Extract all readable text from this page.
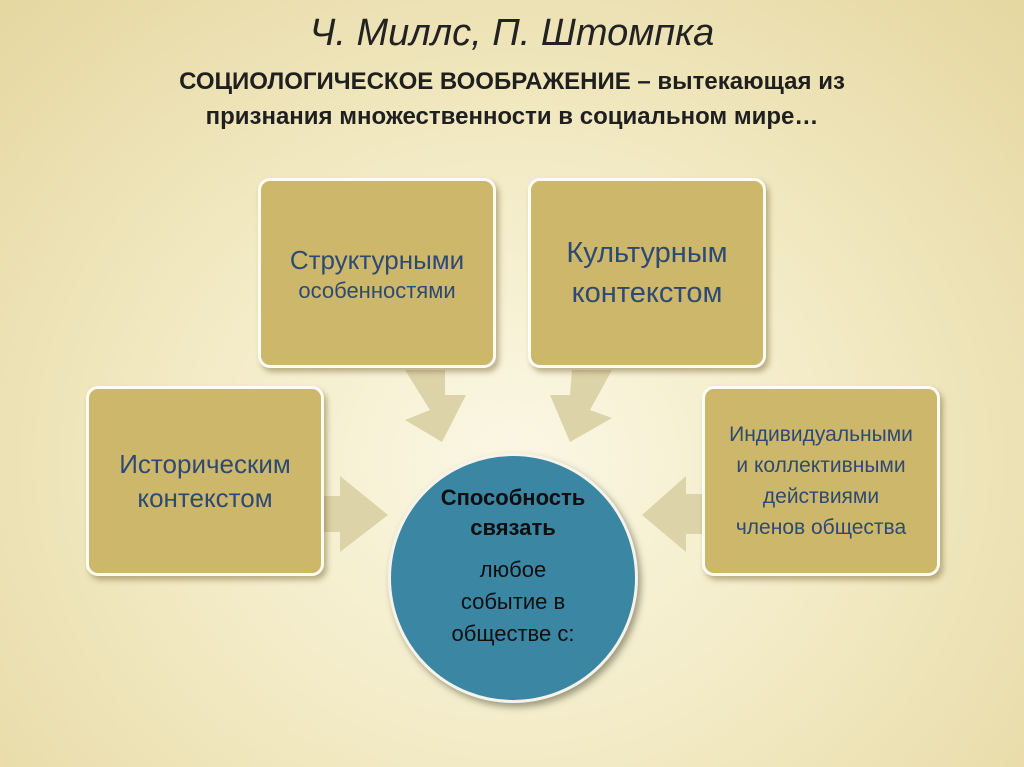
Ч. Миллс, П. Штомпка
СОЦИОЛОГИЧЕСКОЕ ВООБРАЖЕНИЕ – вытекающая из
признания множественности в социальном мире…
Структурными
особенностями
Культурным
контекстом
Историческим
контекстом
Индивидуальными
и коллективными
действиями
членов общества
Способность
связать
любое
событие в
обществе с:
